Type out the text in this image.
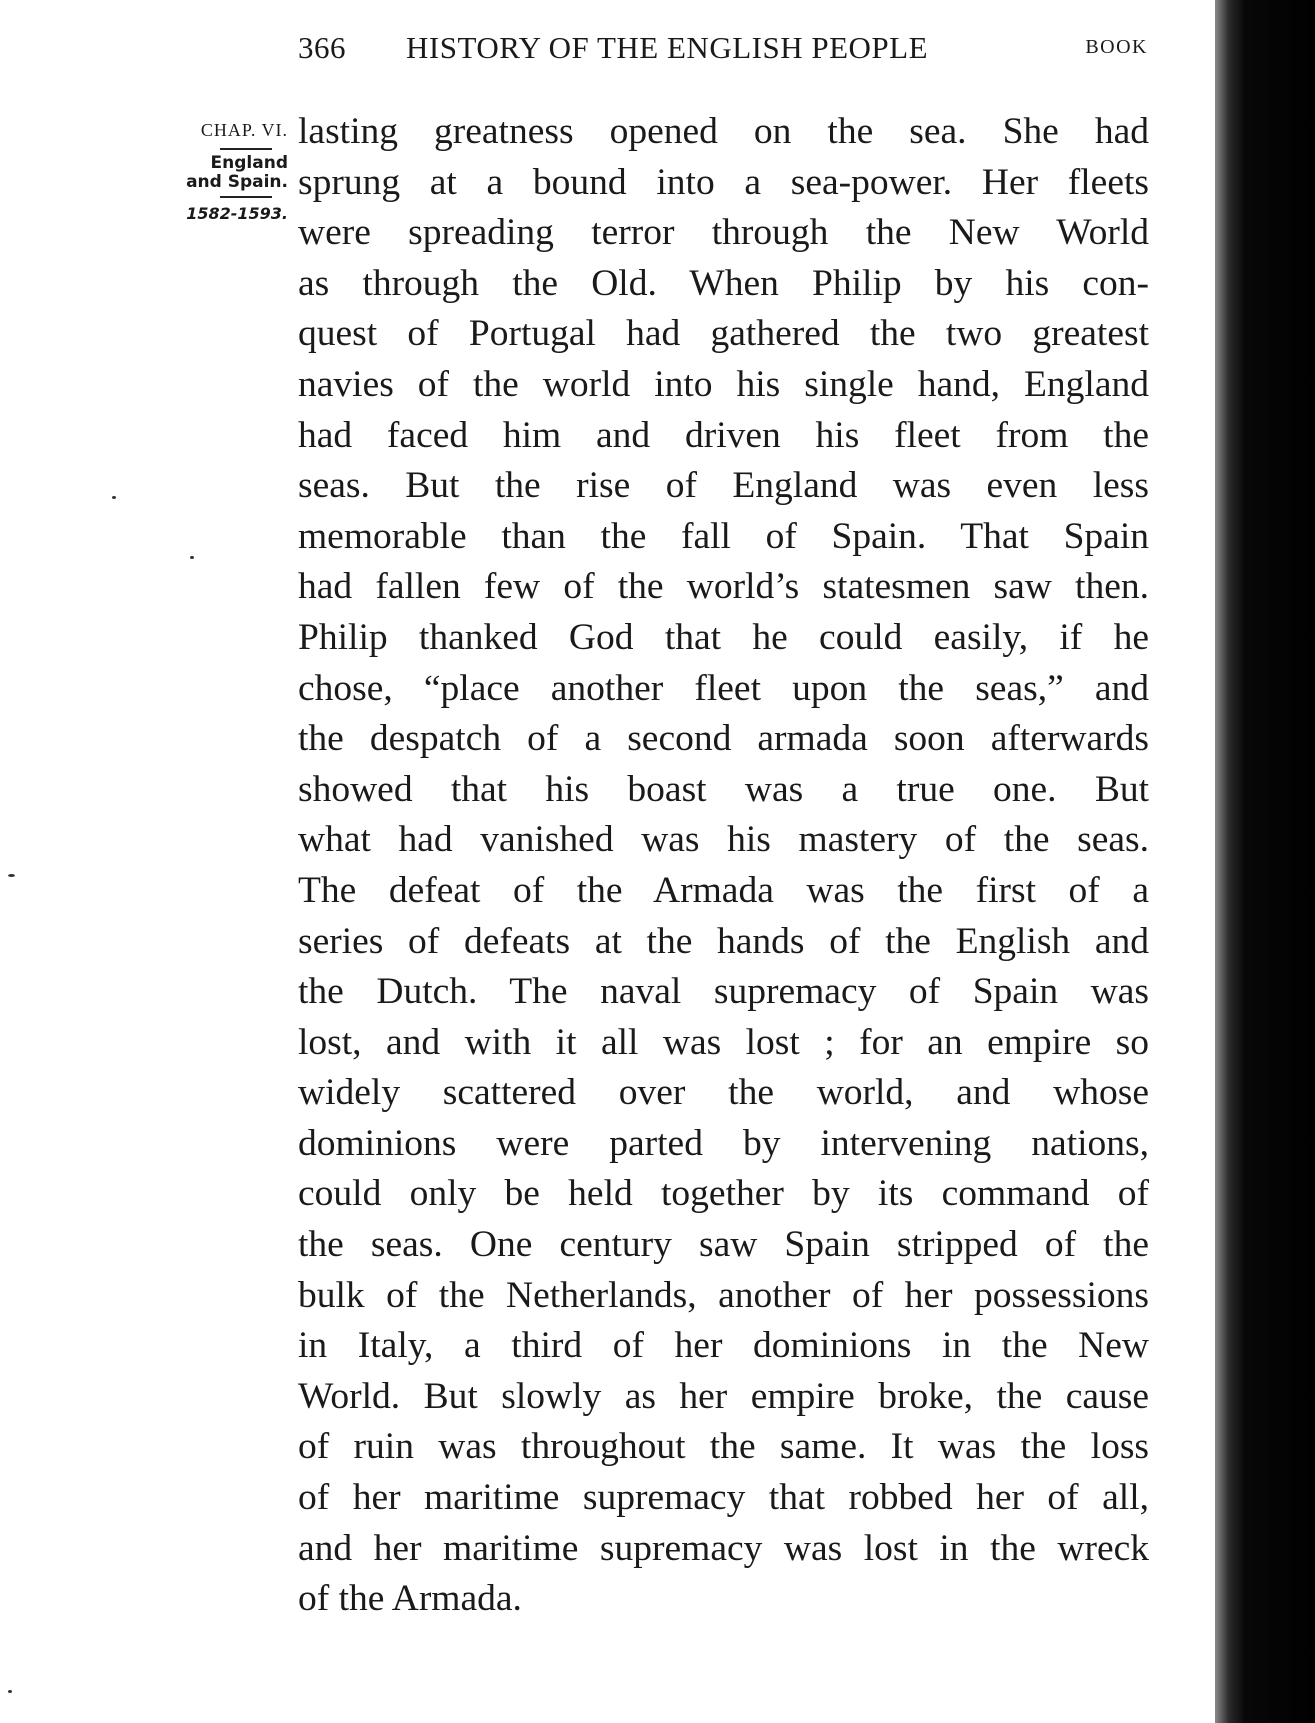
366 HISTORY OF THE ENGLISH PEOPLE	BOOK
CHAP. VI.
England
and Spain.
1582-1593.
lasting greatness opened on the sea. She had
sprung at a bound into a sea-power. Her fleets
were spreading terror through the New World
as through the Old. When Philip by his con-
quest of Portugal had gathered the two greatest
navies of the world into his single hand, England
had faced him and driven his fleet from the
seas. But the rise of England was even less
memorable than the fall of Spain. That Spain
had fallen few of the world’s statesmen saw then.
Philip thanked God that he could easily, if he
chose, “place another fleet upon the seas,” and
the despatch of a second armada soon afterwards
showed that his boast was a true one. But
what had vanished was his mastery of the seas.
The defeat of the Armada was the first of a
series of defeats at the hands of the English and
the Dutch. The naval supremacy of Spain was
lost, and with it all was lost ; for an empire so
widely scattered over the world, and whose
dominions were parted by intervening nations,
could only be held together by its command of
the seas. One century saw Spain stripped of the
bulk of the Netherlands, another of her possessions
in Italy, a third of her dominions in the New
World. But slowly as her empire broke, the cause
of ruin was throughout the same. It was the loss
of her maritime supremacy that robbed her of all,
and her maritime supremacy was lost in the wreck
of the Armada.
